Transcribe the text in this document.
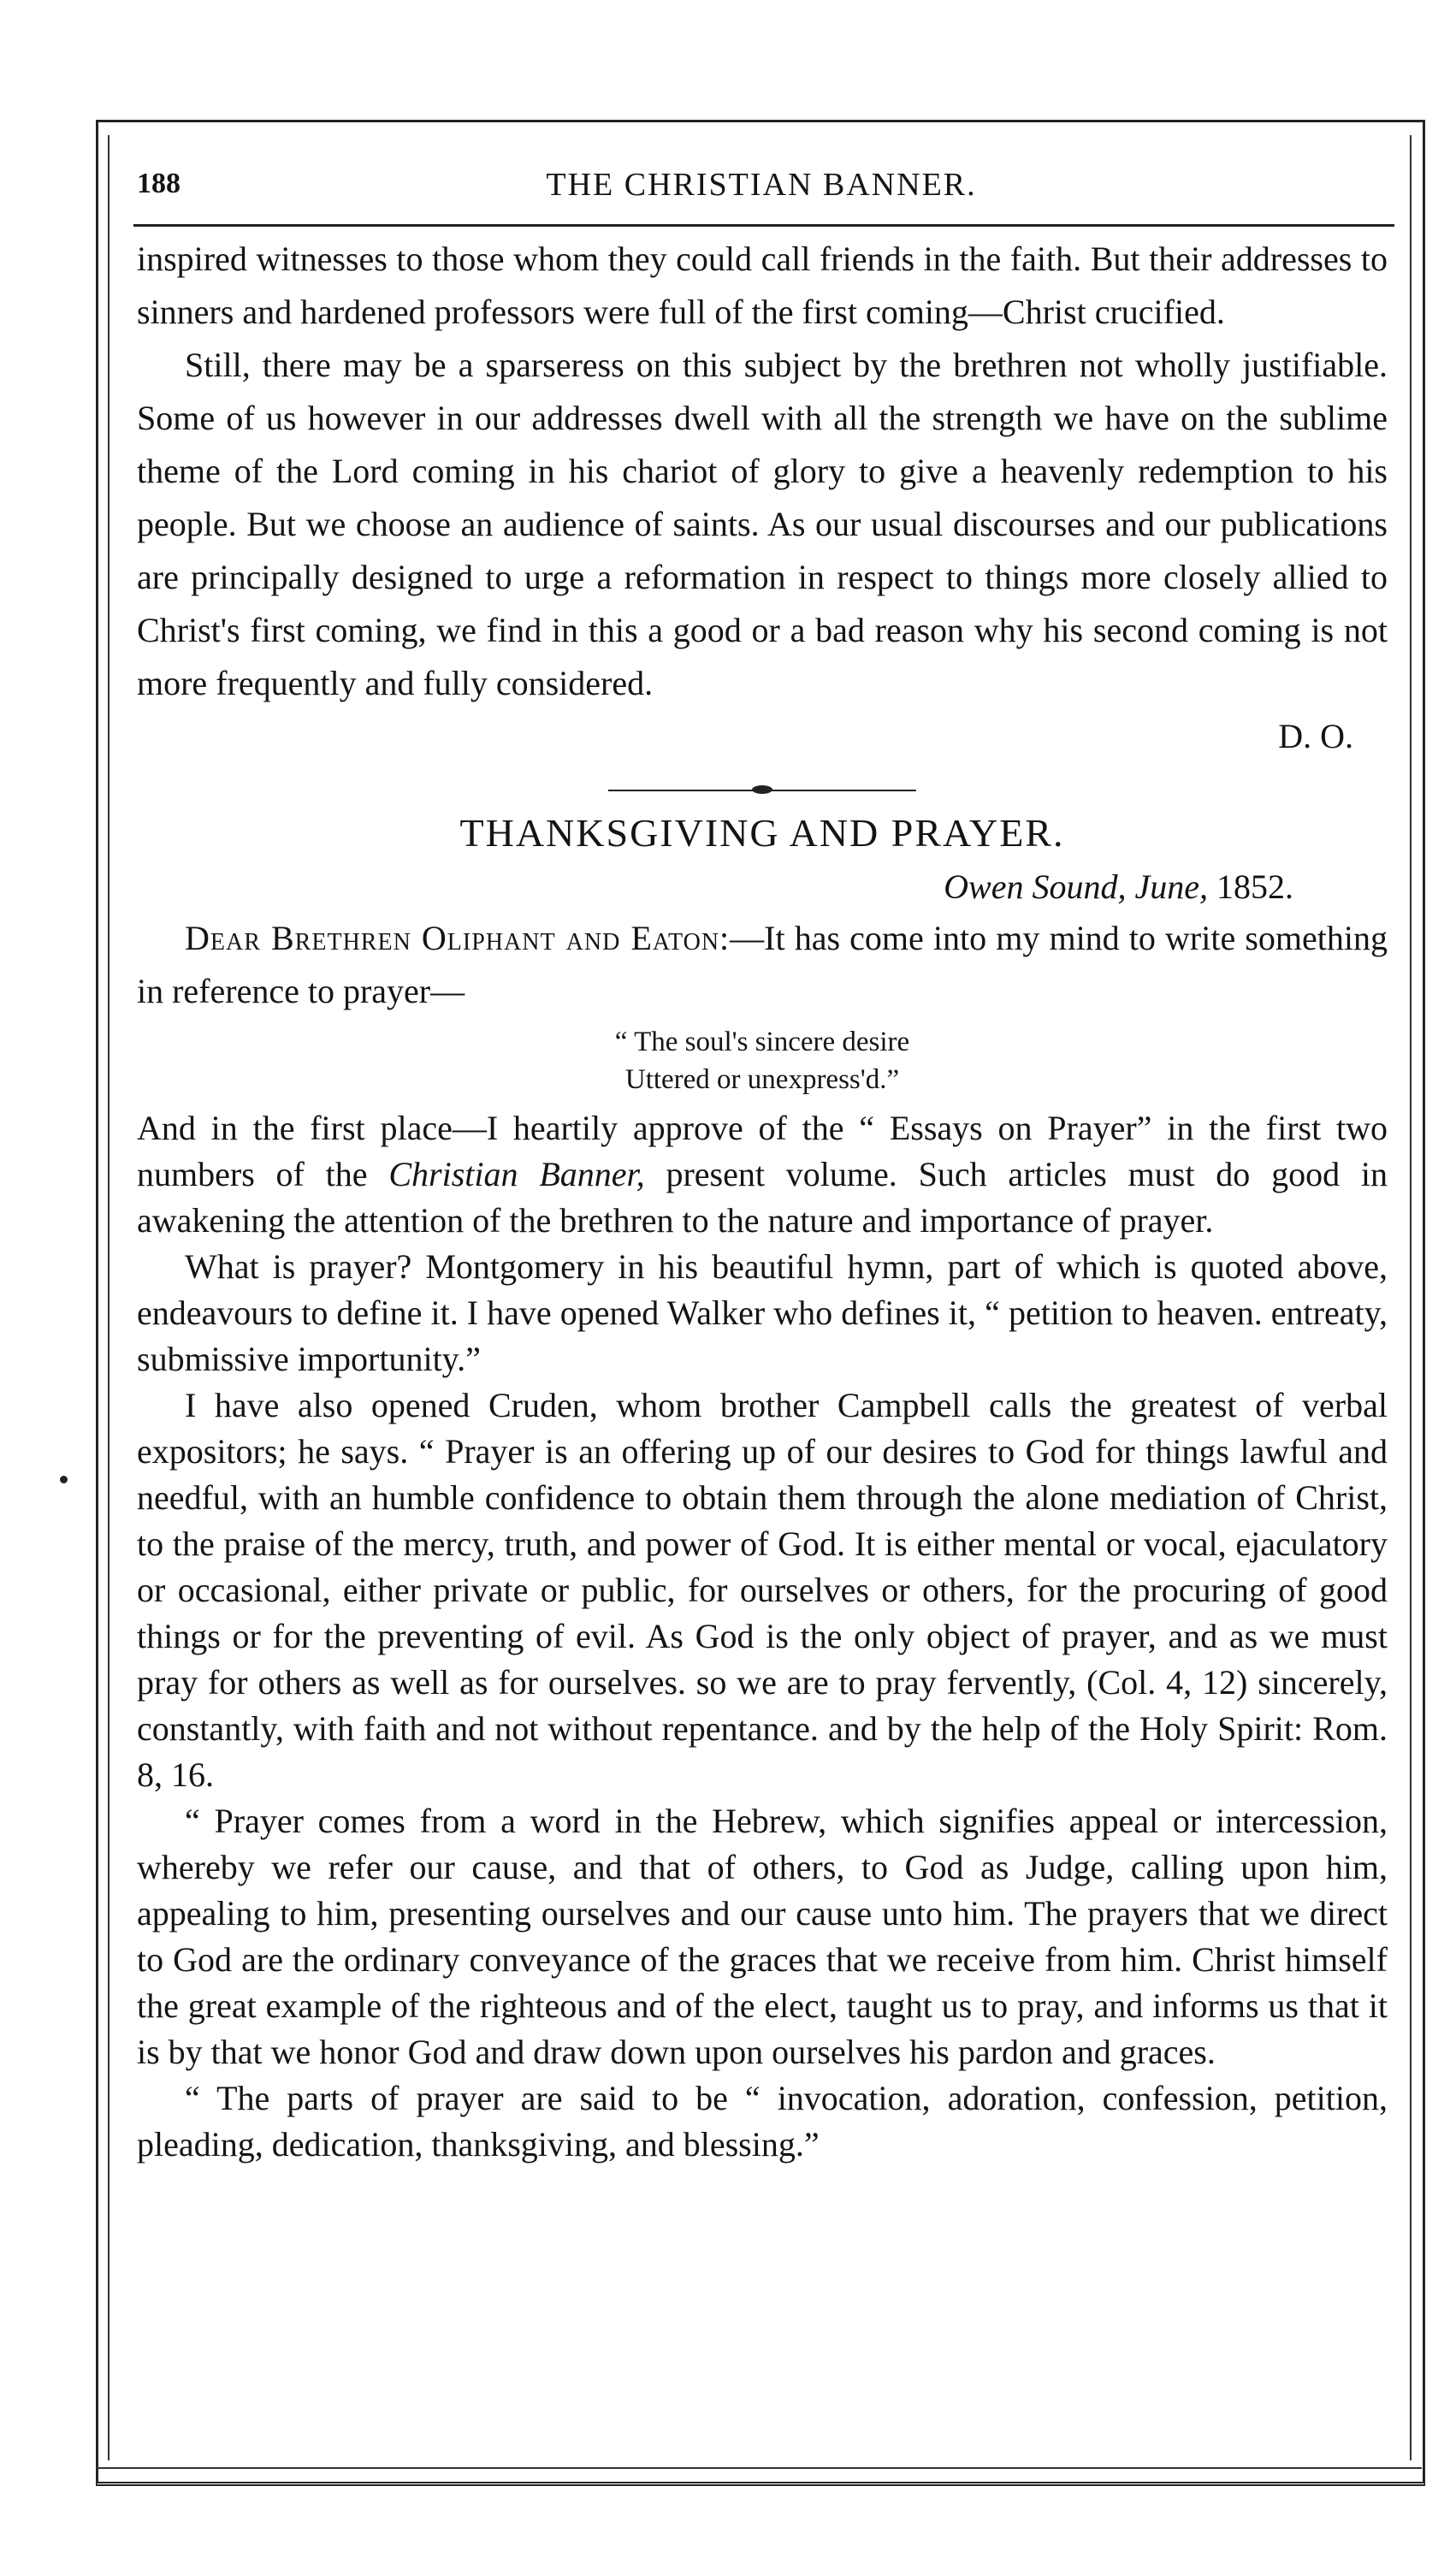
188	THE CHRISTIAN BANNER.

inspired witnesses to those whom they could call friends in the faith. But their addresses to sinners and hardened professors were full of the first coming—Christ crucified.

Still, there may be a sparseress on this subject by the brethren not wholly justifiable. Some of us however in our addresses dwell with all the strength we have on the sublime theme of the Lord coming in his chariot of glory to give a heavenly redemption to his people. But we choose an audience of saints. As our usual discourses and our publications are principally designed to urge a reformation in respect to things more closely allied to Christ's first coming, we find in this a good or a bad reason why his second coming is not more frequently and fully considered.

D. O.
THANKSGIVING AND PRAYER.
Owen Sound, June, 1852.

Dear Brethren Oliphant and Eaton:—It has come into my mind to write something in reference to prayer—

“ The soul's sincere desire
Uttered or unexpress'd.”

And in the first place—I heartily approve of the “ Essays on Prayer” in the first two numbers of the Christian Banner, present volume. Such articles must do good in awakening the attention of the brethren to the nature and importance of prayer.

What is prayer? Montgomery in his beautiful hymn, part of which is quoted above, endeavours to define it. I have opened Walker who defines it, “ petition to heaven. entreaty, submissive importunity.”

I have also opened Cruden, whom brother Campbell calls the greatest of verbal expositors; he says. “ Prayer is an offering up of our desires to God for things lawful and needful, with an humble confidence to obtain them through the alone mediation of Christ, to the praise of the mercy, truth, and power of God. It is either mental or vocal, ejaculatory or occasional, either private or public, for ourselves or others, for the procuring of good things or for the preventing of evil. As God is the only object of prayer, and as we must pray for others as well as for ourselves. so we are to pray fervently, (Col. 4, 12) sincerely, constantly, with faith and not without repentance. and by the help of the Holy Spirit: Rom. 8, 16.

“ Prayer comes from a word in the Hebrew, which signifies appeal or intercession, whereby we refer our cause, and that of others, to God as Judge, calling upon him, appealing to him, presenting ourselves and our cause unto him. The prayers that we direct to God are the ordinary conveyance of the graces that we receive from him. Christ himself the great example of the righteous and of the elect, taught us to pray, and informs us that it is by that we honor God and draw down upon ourselves his pardon and graces.

“ The parts of prayer are said to be “ invocation, adoration, confession, petition, pleading, dedication, thanksgiving, and blessing.”
